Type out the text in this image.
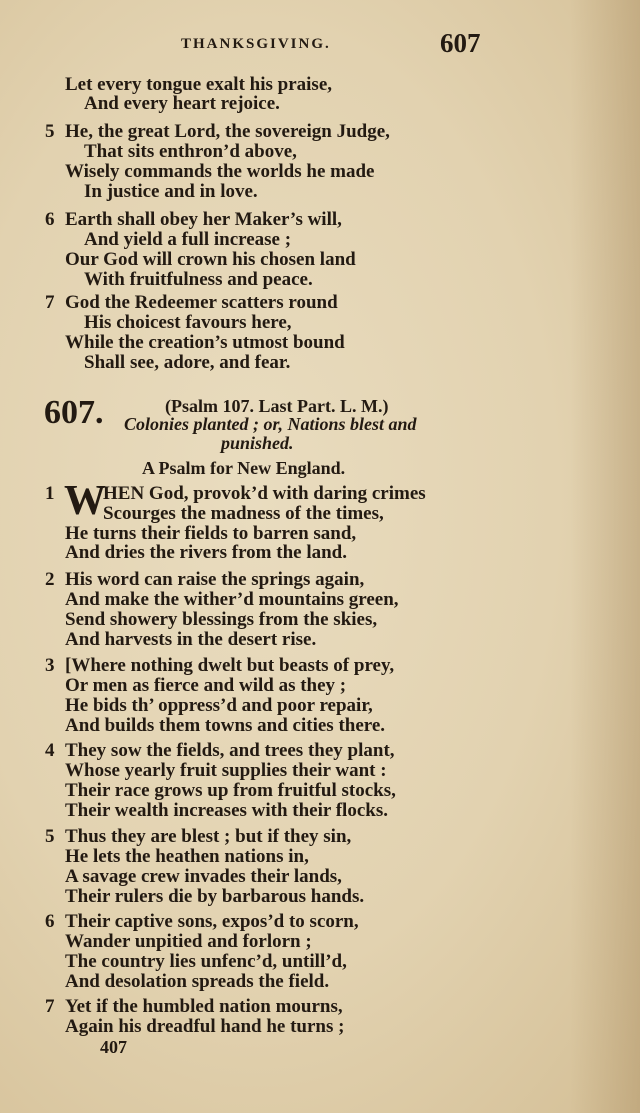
THANKSGIVING.	607
Let every tongue exalt his praise,
And every heart rejoice.
5 He, the great Lord, the sovereign Judge,
That sits enthron’d above,
Wisely commands the worlds he made
In justice and in love.
6 Earth shall obey her Maker’s will,
And yield a full increase ;
Our God will crown his chosen land
With fruitfulness and peace.
7 God the Redeemer scatters round
His choicest favours here,
While the creation’s utmost bound
Shall see, adore, and fear.
607.	(Psalm 107. Last Part. L. M.)
Colonies planted ; or, Nations blest and
punished.
A Psalm for New England.
1 W
HEN God, provok’d with daring crimes
Scourges the madness of the times,
He turns their fields to barren sand,
And dries the rivers from the land.
2 His word can raise the springs again,
And make the wither’d mountains green,
Send showery blessings from the skies,
And harvests in the desert rise.
3 [Where nothing dwelt but beasts of prey,
Or men as fierce and wild as they ;
He bids th’ oppress’d and poor repair,
And builds them towns and cities there.
4 They sow the fields, and trees they plant,
Whose yearly fruit supplies their want :
Their race grows up from fruitful stocks,
Their wealth increases with their flocks.
5 Thus they are blest ; but if they sin,
He lets the heathen nations in,
A savage crew invades their lands,
Their rulers die by barbarous hands.
6 Their captive sons, expos’d to scorn,
Wander unpitied and forlorn ;
The country lies unfenc’d, untill’d,
And desolation spreads the field.
7 Yet if the humbled nation mourns,
Again his dreadful hand he turns ;
407
